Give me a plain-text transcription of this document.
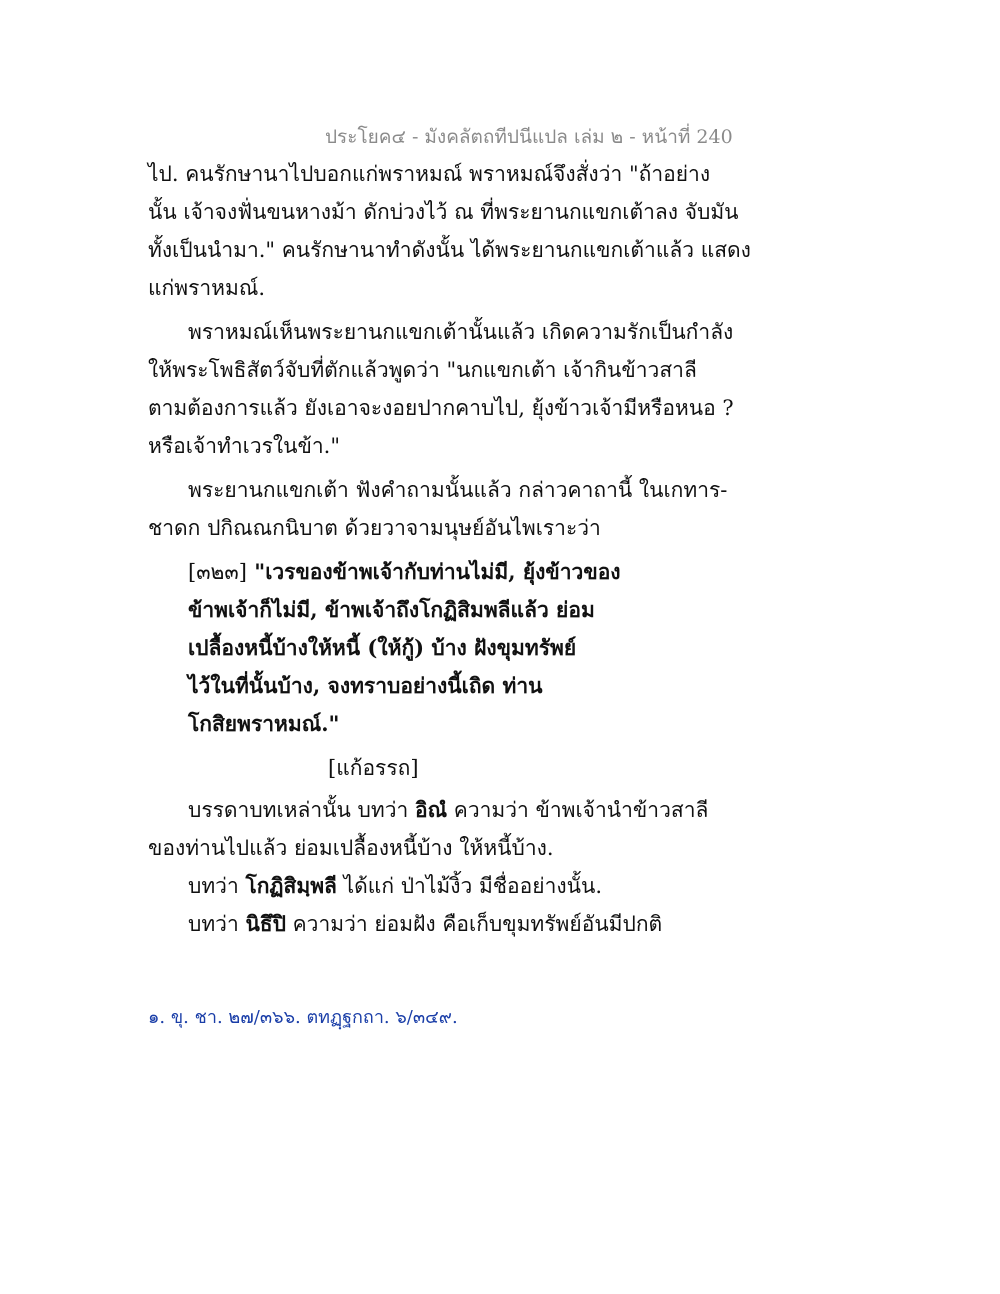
ประโยค๔ - มังคลัตถทีปนีแปล เล่ม ๒ - หน้าที่ 240
ไป. คนรักษานาไปบอกแก่พราหมณ์ พราหมณ์จึงสั่งว่า "ถ้าอย่าง
นั้น เจ้าจงฟั่นขนหางม้า ดักบ่วงไว้ ณ ที่พระยานกแขกเต้าลง จับมัน
ทั้งเป็นนำมา." คนรักษานาทำดังนั้น ได้พระยานกแขกเต้าแล้ว แสดง
แก่พราหมณ์.
พราหมณ์เห็นพระยานกแขกเต้านั้นแล้ว เกิดความรักเป็นกำลัง
ให้พระโพธิสัตว์จับที่ตักแล้วพูดว่า "นกแขกเต้า เจ้ากินข้าวสาลี
ตามต้องการแล้ว ยังเอาจะงอยปากคาบไป, ยุ้งข้าวเจ้ามีหรือหนอ ?
หรือเจ้าทำเวรในข้า."
พระยานกแขกเต้า ฟังคำถามนั้นแล้ว กล่าวคาถานี้ ในเกทาร-
ชาดก ปกิณณกนิบาต ด้วยวาจามนุษย์อันไพเราะว่า
[๓๒๓] "เวรของข้าพเจ้ากับท่านไม่มี, ยุ้งข้าวของ
ข้าพเจ้าก็ไม่มี, ข้าพเจ้าถึงโกฏิสิมพลีแล้ว ย่อม
เปลื้องหนี้บ้างให้หนี้ (ให้กู้) บ้าง ฝังขุมทรัพย์
ไว้ในที่นั้นบ้าง, จงทราบอย่างนี้เถิด ท่าน
โกสิยพราหมณ์."
[แก้อรรถ]
บรรดาบทเหล่านั้น บทว่า อิณํ ความว่า ข้าพเจ้านำข้าวสาลี
ของท่านไปแล้ว ย่อมเปลื้องหนี้บ้าง ให้หนี้บ้าง.
บทว่า โกฏิสิมฺพลี ได้แก่ ป่าไม้งิ้ว มีชื่ออย่างนั้น.
บทว่า นิธึปิ ความว่า ย่อมฝัง คือเก็บขุมทรัพย์อันมีปกติ
๑. ขุ. ชา. ๒๗/๓๖๖. ตทฏฺฐกถา. ๖/๓๔๙.
